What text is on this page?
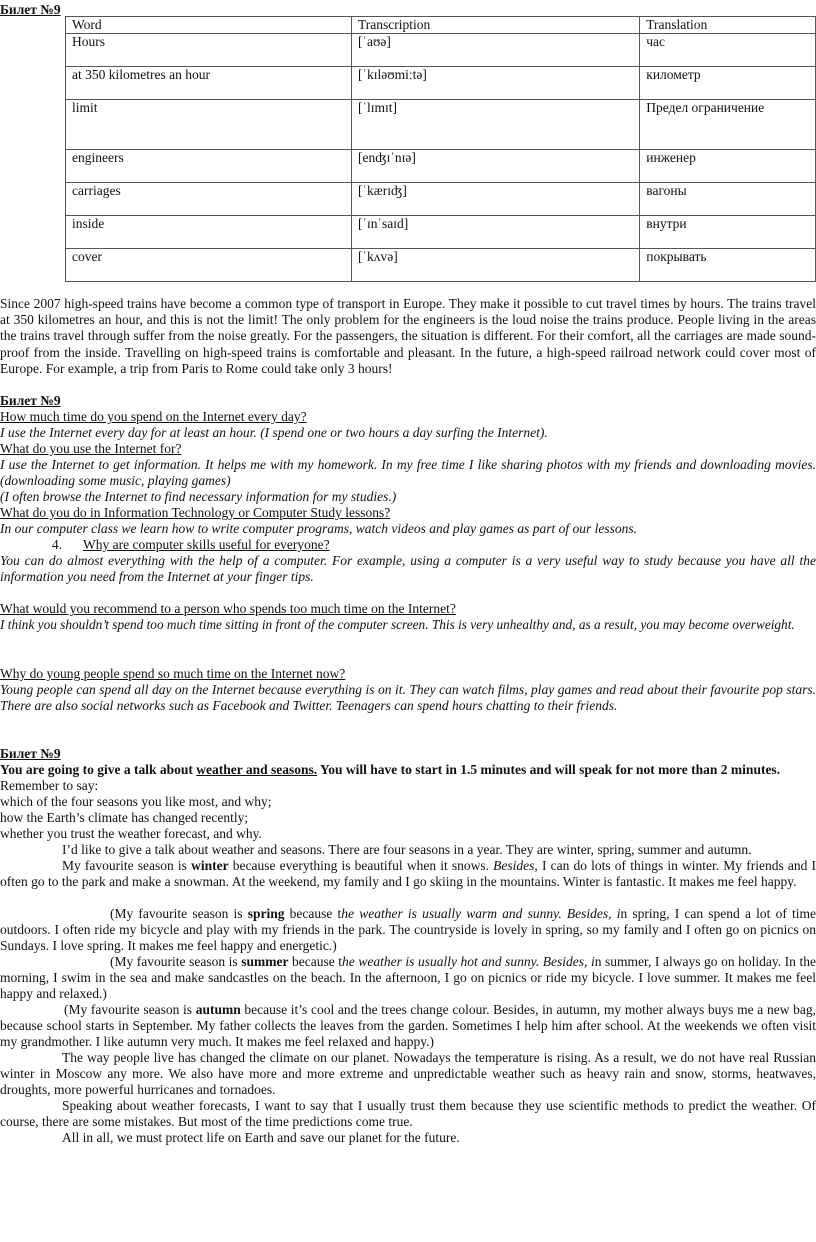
Билет №9
Word	Transcription	Translation
Hours	[ˈaʊə]	час
at 350 kilometres an hour	[ˈkɪləʊmiːtə]	километр
limit	[ˈlɪmɪt]	Предел ограничение
engineers	[enʤɪˈnɪə]	инженер
carriages	[ˈkærɪʤ]	вагоны
inside	[ˈɪnˈsaɪd]	внутри
cover	[ˈkʌvə]	покрывать
Since 2007 high-speed trains have become a common type of transport in Europe. They make it possible to cut travel times by hours. The trains travel at 350 kilometres an hour, and this is not the limit! The only problem for the engineers is the loud noise the trains produce. People living in the areas the trains travel through suffer from the noise greatly. For the passengers, the situation is different. For their comfort, all the carriages are made sound-proof from the inside. Travelling on high-speed trains is comfortable and pleasant. In the future, a high-speed railroad network could cover most of Europe. For example, a trip from Paris to Rome could take only 3 hours!
Билет №9
How much time do you spend on the Internet every day?
I use the Internet every day for at least an hour. (I spend one or two hours a day surfing the Internet).
What do you use the Internet for?
I use the Internet to get information. It helps me with my homework. In my free time I like sharing photos with my friends and downloading movies. (downloading some music, playing games)
(I often browse the Internet to find necessary information for my studies.)
What do you do in Information Technology or Computer Study lessons?
In our computer class we learn how to write computer programs, watch videos and play games as part of our lessons.
4. Why are computer skills useful for everyone?
You can do almost everything with the help of a computer. For example, using a computer is a very useful way to study because you have all the information you need from the Internet at your finger tips.
What would you recommend to a person who spends too much time on the Internet?
I think you shouldn’t spend too much time sitting in front of the computer screen. This is very unhealthy and, as a result, you may become overweight.
Why do young people spend so much time on the Internet now?
Young people can spend all day on the Internet because everything is on it. They can watch films, play games and read about their favourite pop stars. There are also social networks such as Facebook and Twitter. Teenagers can spend hours chatting to their friends.
Билет №9
You are going to give a talk about weather and seasons. You will have to start in 1.5 minutes and will speak for not more than 2 minutes.
Remember to say:
which of the four seasons you like most, and why;
how the Earth’s climate has changed recently;
whether you trust the weather forecast, and why.
I’d like to give a talk about weather and seasons. There are four seasons in a year. They are winter, spring, summer and autumn.
My favourite season is winter because everything is beautiful when it snows. Besides, I can do lots of things in winter. My friends and I often go to the park and make a snowman. At the weekend, my family and I go skiing in the mountains. Winter is fantastic. It makes me feel happy.
(My favourite season is spring because the weather is usually warm and sunny. Besides, in spring, I can spend a lot of time outdoors. I often ride my bicycle and play with my friends in the park. The countryside is lovely in spring, so my family and I often go on picnics on Sundays. I love spring. It makes me feel happy and energetic.)
(My favourite season is summer because the weather is usually hot and sunny. Besides, in summer, I always go on holiday. In the morning, I swim in the sea and make sandcastles on the beach. In the afternoon, I go on picnics or ride my bicycle. I love summer. It makes me feel happy and relaxed.)
(My favourite season is autumn because it’s cool and the trees change colour. Besides, in autumn, my mother always buys me a new bag, because school starts in September. My father collects the leaves from the garden. Sometimes I help him after school. At the weekends we often visit my grandmother. I like autumn very much. It makes me feel relaxed and happy.)
The way people live has changed the climate on our planet. Nowadays the temperature is rising. As a result, we do not have real Russian winter in Moscow any more. We also have more and more extreme and unpredictable weather such as heavy rain and snow, storms, heatwaves, droughts, more powerful hurricanes and tornadoes.
Speaking about weather forecasts, I want to say that I usually trust them because they use scientific methods to predict the weather. Of course, there are some mistakes. But most of the time predictions come true.
All in all, we must protect life on Earth and save our planet for the future.
